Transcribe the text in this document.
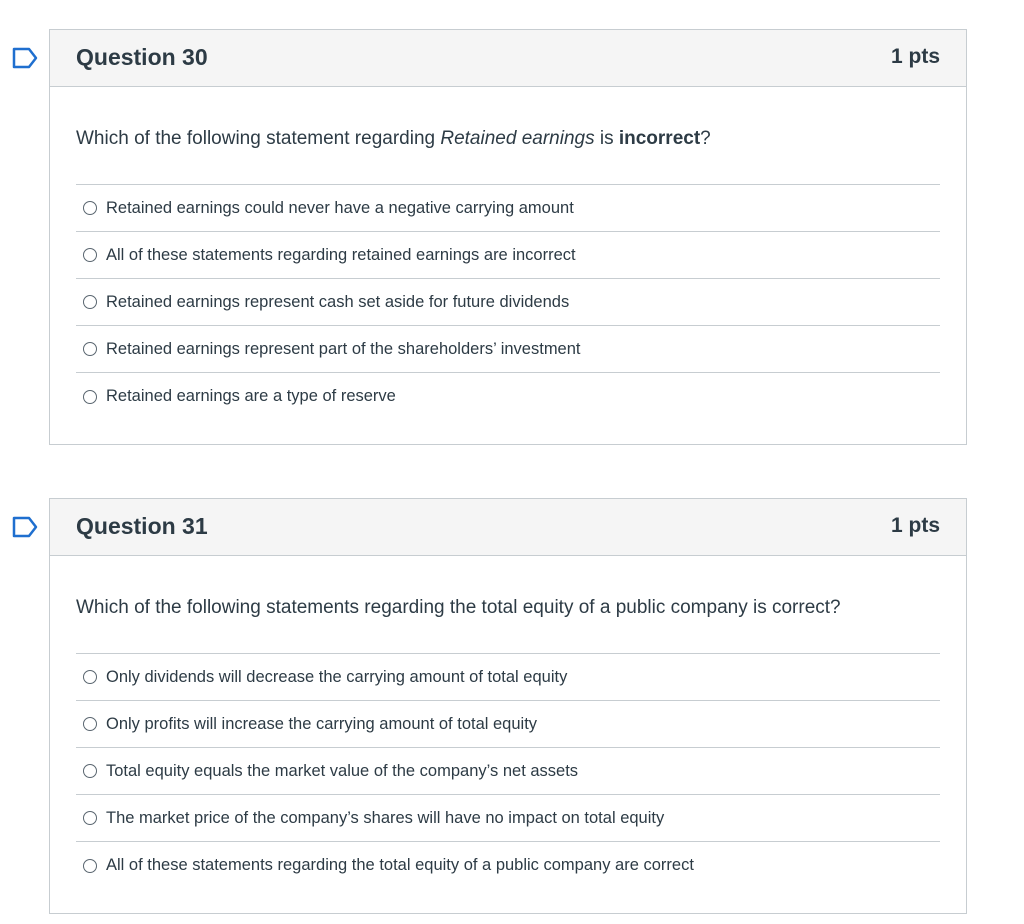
Question 30	1 pts
Which of the following statement regarding Retained earnings is incorrect?
Retained earnings could never have a negative carrying amount
All of these statements regarding retained earnings are incorrect
Retained earnings represent cash set aside for future dividends
Retained earnings represent part of the shareholders’ investment
Retained earnings are a type of reserve
Question 31	1 pts
Which of the following statements regarding the total equity of a public company is correct?
Only dividends will decrease the carrying amount of total equity
Only profits will increase the carrying amount of total equity
Total equity equals the market value of the company’s net assets
The market price of the company’s shares will have no impact on total equity
All of these statements regarding the total equity of a public company are correct
